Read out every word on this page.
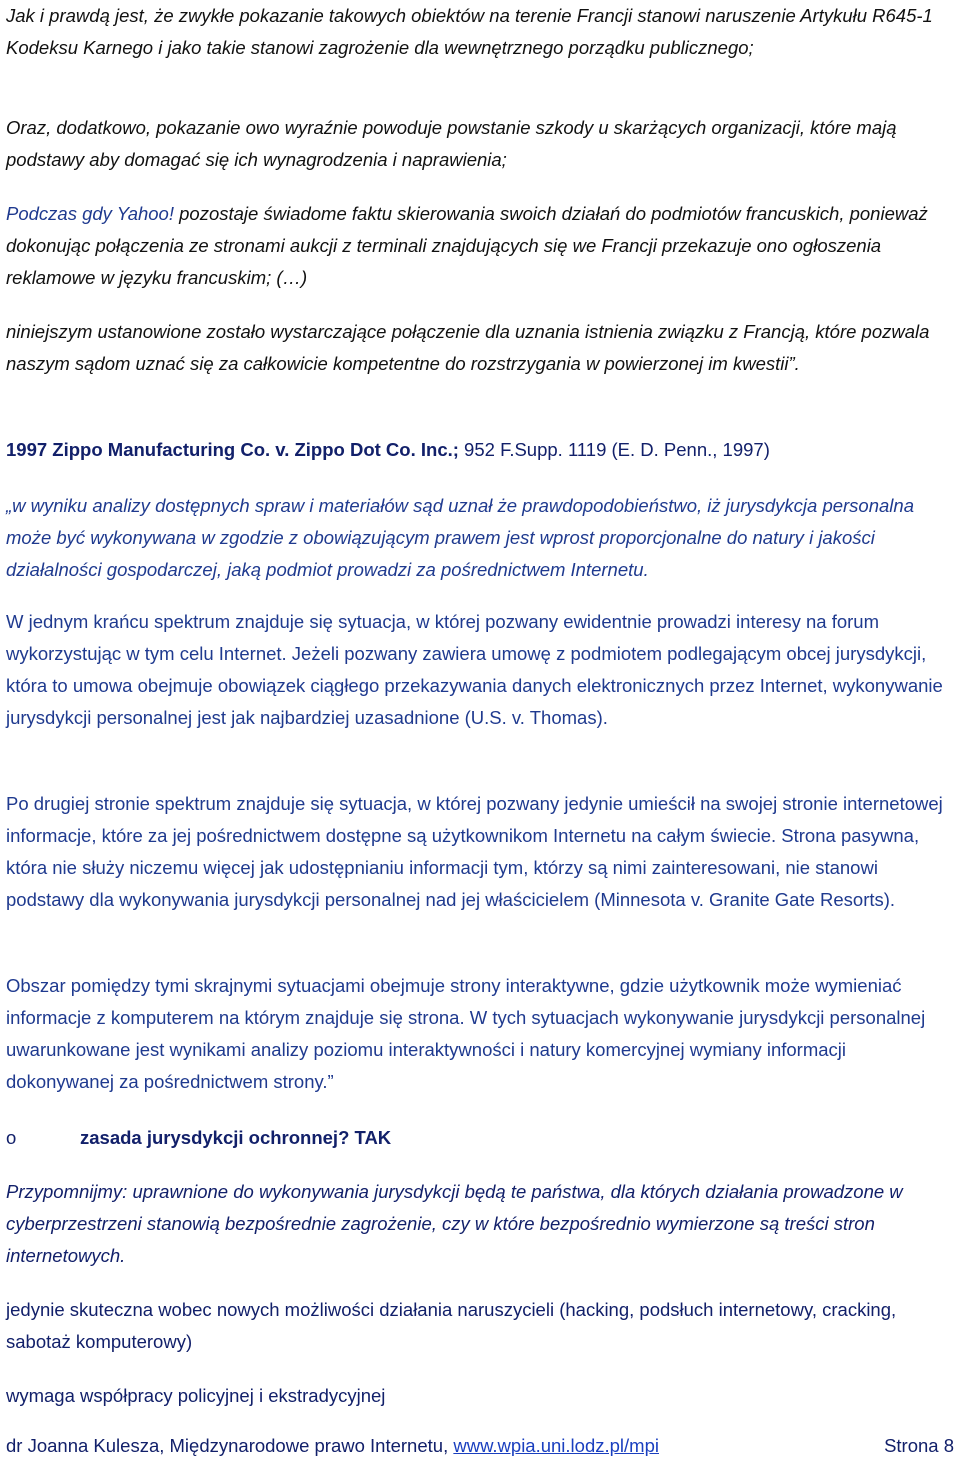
Jak i prawdą jest, że zwykłe pokazanie takowych obiektów na terenie Francji stanowi naruszenie Artykułu R645-1 Kodeksu Karnego i jako takie stanowi zagrożenie dla wewnętrznego porządku publicznego;

Oraz, dodatkowo, pokazanie owo wyraźnie powoduje powstanie szkody u skarżących organizacji, które mają podstawy aby domagać się ich wynagrodzenia i naprawienia;

Podczas gdy Yahoo! pozostaje świadome faktu skierowania swoich działań do podmiotów francuskich, ponieważ dokonując połączenia ze stronami aukcji z terminali znajdujących się we Francji przekazuje ono ogłoszenia reklamowe w języku francuskim; (…)

niniejszym ustanowione zostało wystarczające połączenie dla uznania istnienia związku z Francją, które pozwala naszym sądom uznać się za całkowicie kompetentne do rozstrzygania w powierzonej im kwestii”.

1997 Zippo Manufacturing Co. v. Zippo Dot Co. Inc.; 952 F.Supp. 1119 (E. D. Penn., 1997)

„w wyniku analizy dostępnych spraw i materiałów sąd uznał że prawdopodobieństwo, iż jurysdykcja personalna może być wykonywana w zgodzie z obowiązującym prawem jest wprost proporcjonalne do natury i jakości działalności gospodarczej, jaką podmiot prowadzi za pośrednictwem Internetu.

W jednym krańcu spektrum znajduje się sytuacja, w której pozwany ewidentnie prowadzi interesy na forum wykorzystując w tym celu Internet. Jeżeli pozwany zawiera umowę z podmiotem podlegającym obcej jurysdykcji, która to umowa obejmuje obowiązek ciągłego przekazywania danych elektronicznych przez Internet, wykonywanie jurysdykcji personalnej jest jak najbardziej uzasadnione (U.S. v. Thomas).

Po drugiej stronie spektrum znajduje się sytuacja, w której pozwany jedynie umieścił na swojej stronie internetowej informacje, które za jej pośrednictwem dostępne są użytkownikom Internetu na całym świecie. Strona pasywna, która nie służy niczemu więcej jak udostępnianiu informacji tym, którzy są nimi zainteresowani, nie stanowi podstawy dla wykonywania jurysdykcji personalnej nad jej właścicielem (Minnesota v. Granite Gate Resorts).

Obszar pomiędzy tymi skrajnymi sytuacjami obejmuje strony interaktywne, gdzie użytkownik może wymieniać informacje z komputerem na którym znajduje się strona. W tych sytuacjach wykonywanie jurysdykcji personalnej uwarunkowane jest wynikami analizy poziomu interaktywności i natury komercyjnej wymiany informacji dokonywanej za pośrednictwem strony.”

o	zasada jurysdykcji ochronnej? TAK

Przypomnijmy: uprawnione do wykonywania jurysdykcji będą te państwa, dla których działania prowadzone w cyberprzestrzeni stanowią bezpośrednie zagrożenie, czy w które bezpośrednio wymierzone są treści stron internetowych.

jedynie skuteczna wobec nowych możliwości działania naruszycieli (hacking, podsłuch internetowy, cracking, sabotaż komputerowy)

wymaga współpracy policyjnej i ekstradycyjnej

dr Joanna Kulesza, Międzynarodowe prawo Internetu, www.wpia.uni.lodz.pl/mpi	Strona 8
